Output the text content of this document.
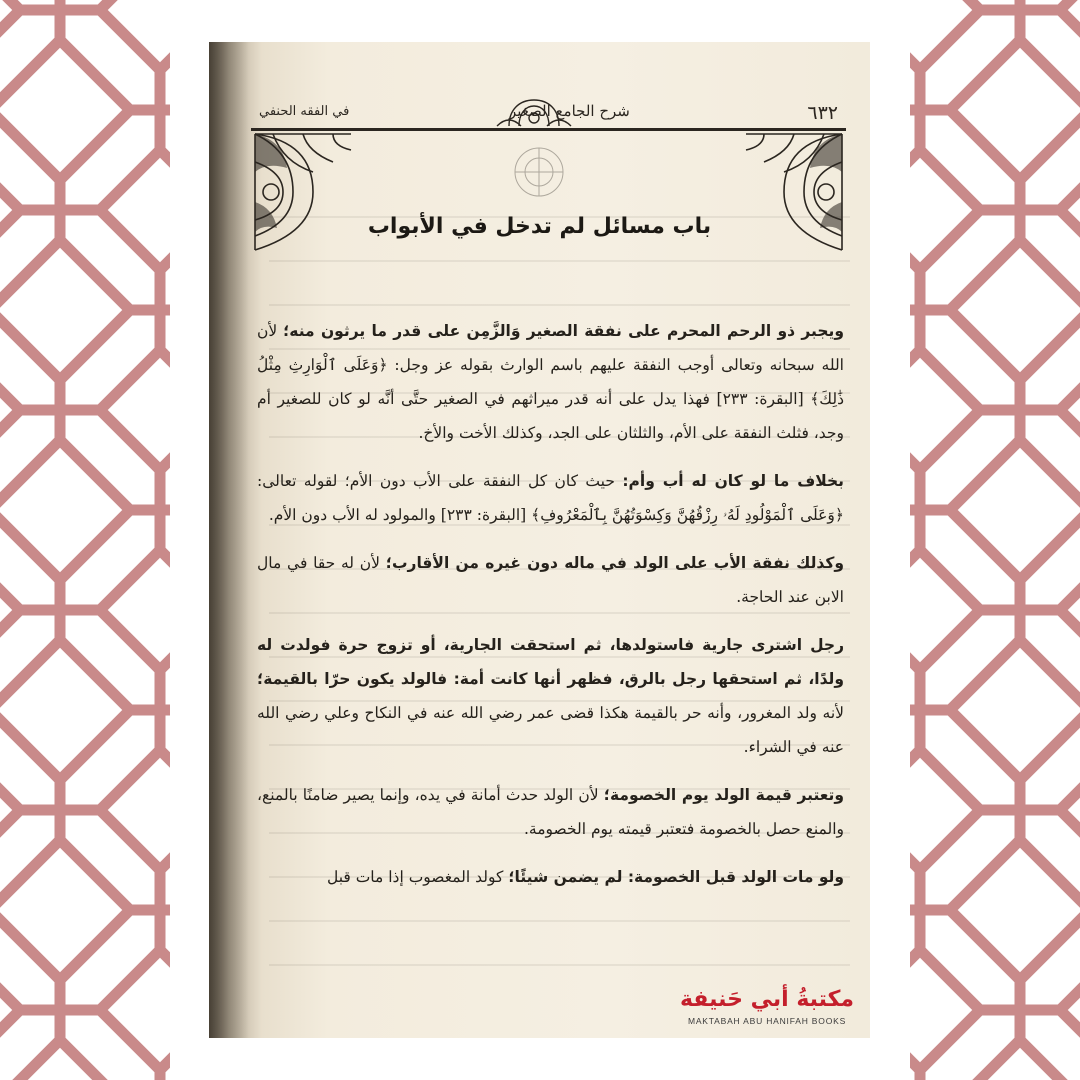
٦٣٢
شرح الجامع الصغير
في الفقه الحنفي
باب مسائل لم تدخل في الأبواب

ويجبر ذو الرحم المحرم على نفقة الصغير وَالزَّمِن على قدر ما يرثون منه؛ لأن الله سبحانه وتعالى أوجب النفقة عليهم باسم الوارث بقوله عز وجل: ﴿وَعَلَى ٱلْوَارِثِ مِثْلُ ذَٰلِكَ﴾ [البقرة: ٢٣٣] فهذا يدل على أنه قدر ميراثهم في الصغير حتَّى أنَّه لو كان للصغير أم وجد، فثلث النفقة على الأم، والثلثان على الجد، وكذلك الأخت والأخ.

بخلاف ما لو كان له أب وأم: حيث كان كل النفقة على الأب دون الأم؛ لقوله تعالى: ﴿وَعَلَى ٱلْمَوْلُودِ لَهُۥ رِزْقُهُنَّ وَكِسْوَتُهُنَّ بِٱلْمَعْرُوفِ﴾ [البقرة: ٢٣٣] والمولود له الأب دون الأم.

وكذلك نفقة الأب على الولد في ماله دون غيره من الأقارب؛ لأن له حقا في مال الابن عند الحاجة.

رجل اشترى جارية فاستولدها، ثم استحقت الجارية، أو تزوج حرة فولدت له ولدًا، ثم استحقها رجل بالرق، فظهر أنها كانت أمة: فالولد يكون حرّا بالقيمة؛ لأنه ولد المغرور، وأنه حر بالقيمة هكذا قضى عمر رضي الله عنه في النكاح وعلي رضي الله عنه في الشراء.

وتعتبر قيمة الولد يوم الخصومة؛ لأن الولد حدث أمانة في يده، وإنما يصير ضامنًا بالمنع، والمنع حصل بالخصومة فتعتبر قيمته يوم الخصومة.

ولو مات الولد قبل الخصومة: لم يضمن شيئًا؛ كولد المغصوب إذا مات قبل

مكتبةُ أبي حَنيفة
MAKTABAH ABU HANIFAH BOOKS
